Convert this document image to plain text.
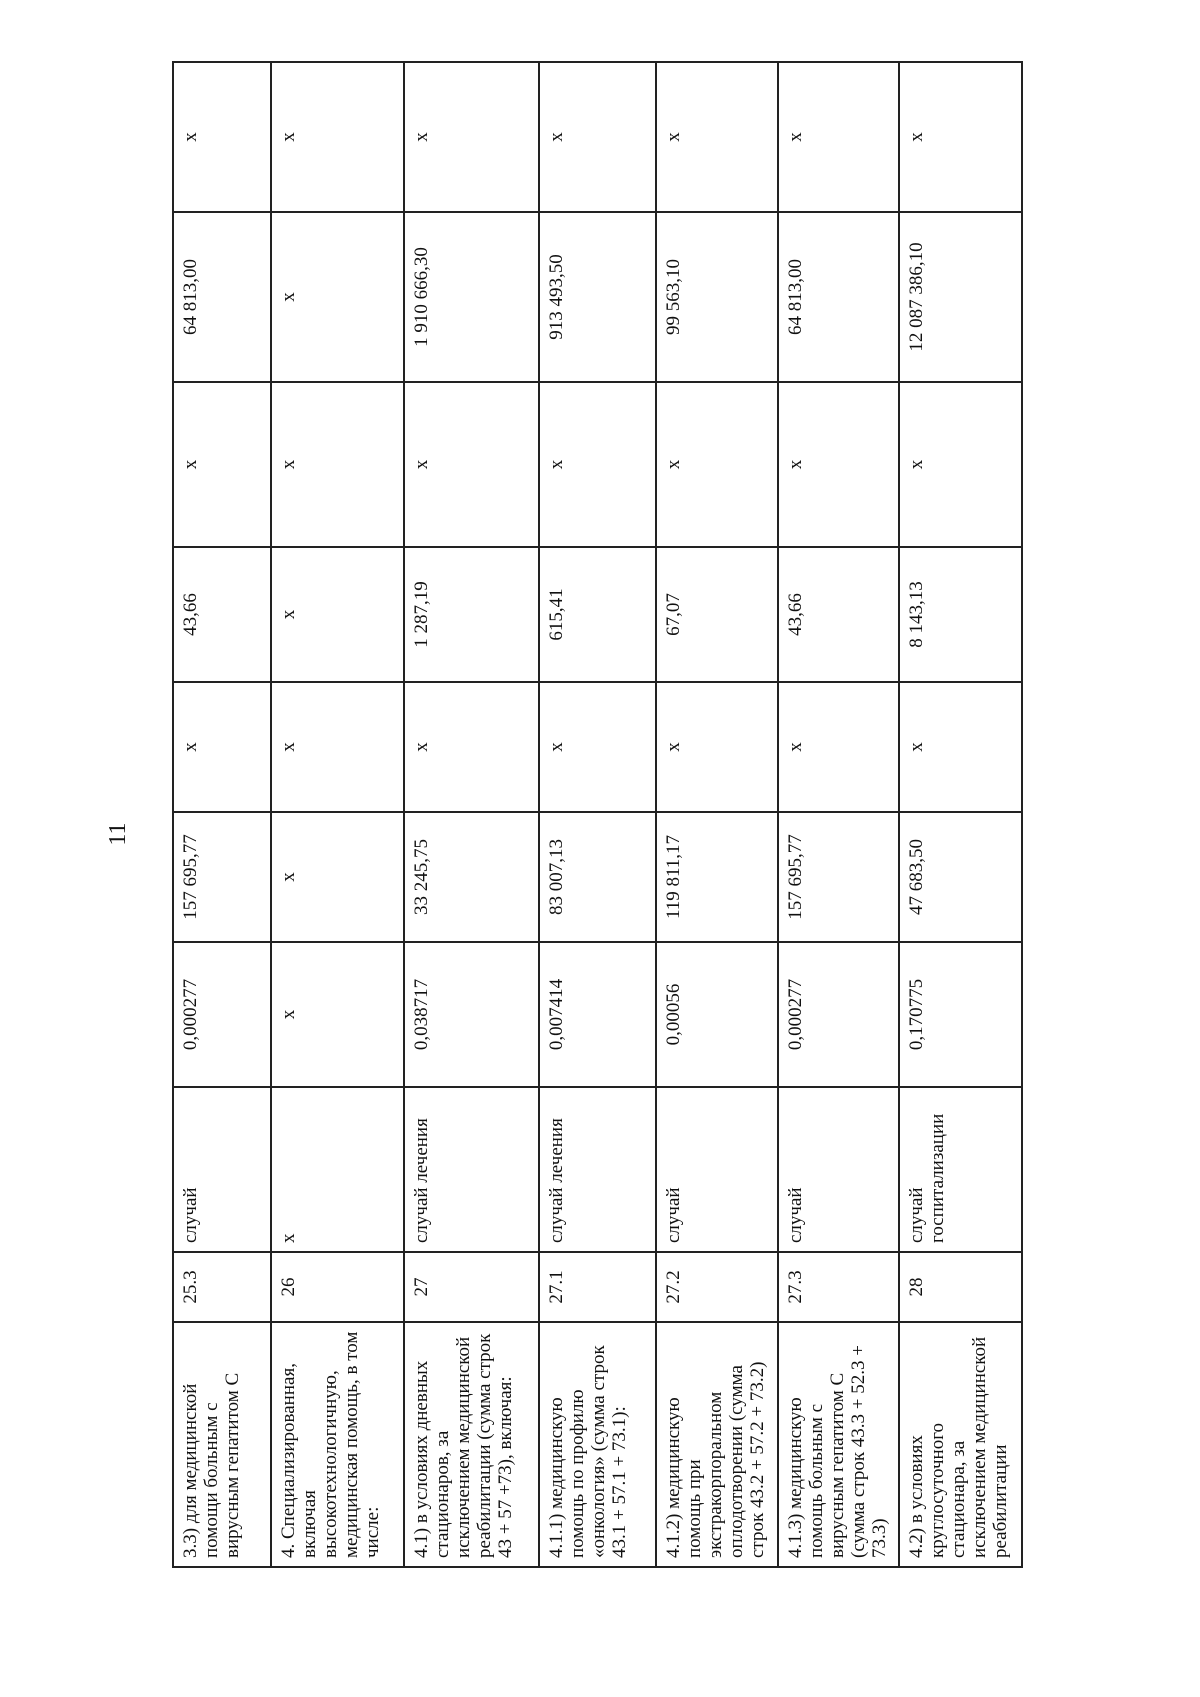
11
3.3) для медицинской помощи больным с вирусным гепатитом С	25.3	случай	0,000277	157 695,77	х	43,66	х	64 813,00	х
4. Специализированная, включая высокотехнологичную, медицинская помощь, в том числе:	26	х	х	х	х	х	х	х	х
4.1) в условиях дневных стационаров, за исключением медицинской реабилитации (сумма строк 43 + 57 +73), включая:	27	случай лечения	0,038717	33 245,75	х	1 287,19	х	1 910 666,30	х
4.1.1) медицинскую помощь по профилю «онкология» (сумма строк 43.1 + 57.1 + 73.1):	27.1	случай лечения	0,007414	83 007,13	х	615,41	х	913 493,50	х
4.1.2) медицинскую помощь при экстракорпоральном оплодотворении (сумма строк 43.2 + 57.2 + 73.2)	27.2	случай	0,00056	119 811,17	х	67,07	х	99 563,10	х
4.1.3) медицинскую помощь больным с вирусным гепатитом С (сумма строк 43.3 + 52.3 + 73.3)	27.3	случай	0,000277	157 695,77	х	43,66	х	64 813,00	х
4.2) в условиях круглосуточного стационара, за исключением медицинской реабилитации	28	случай госпитализации	0,170775	47 683,50	х	8 143,13	х	12 087 386,10	х
